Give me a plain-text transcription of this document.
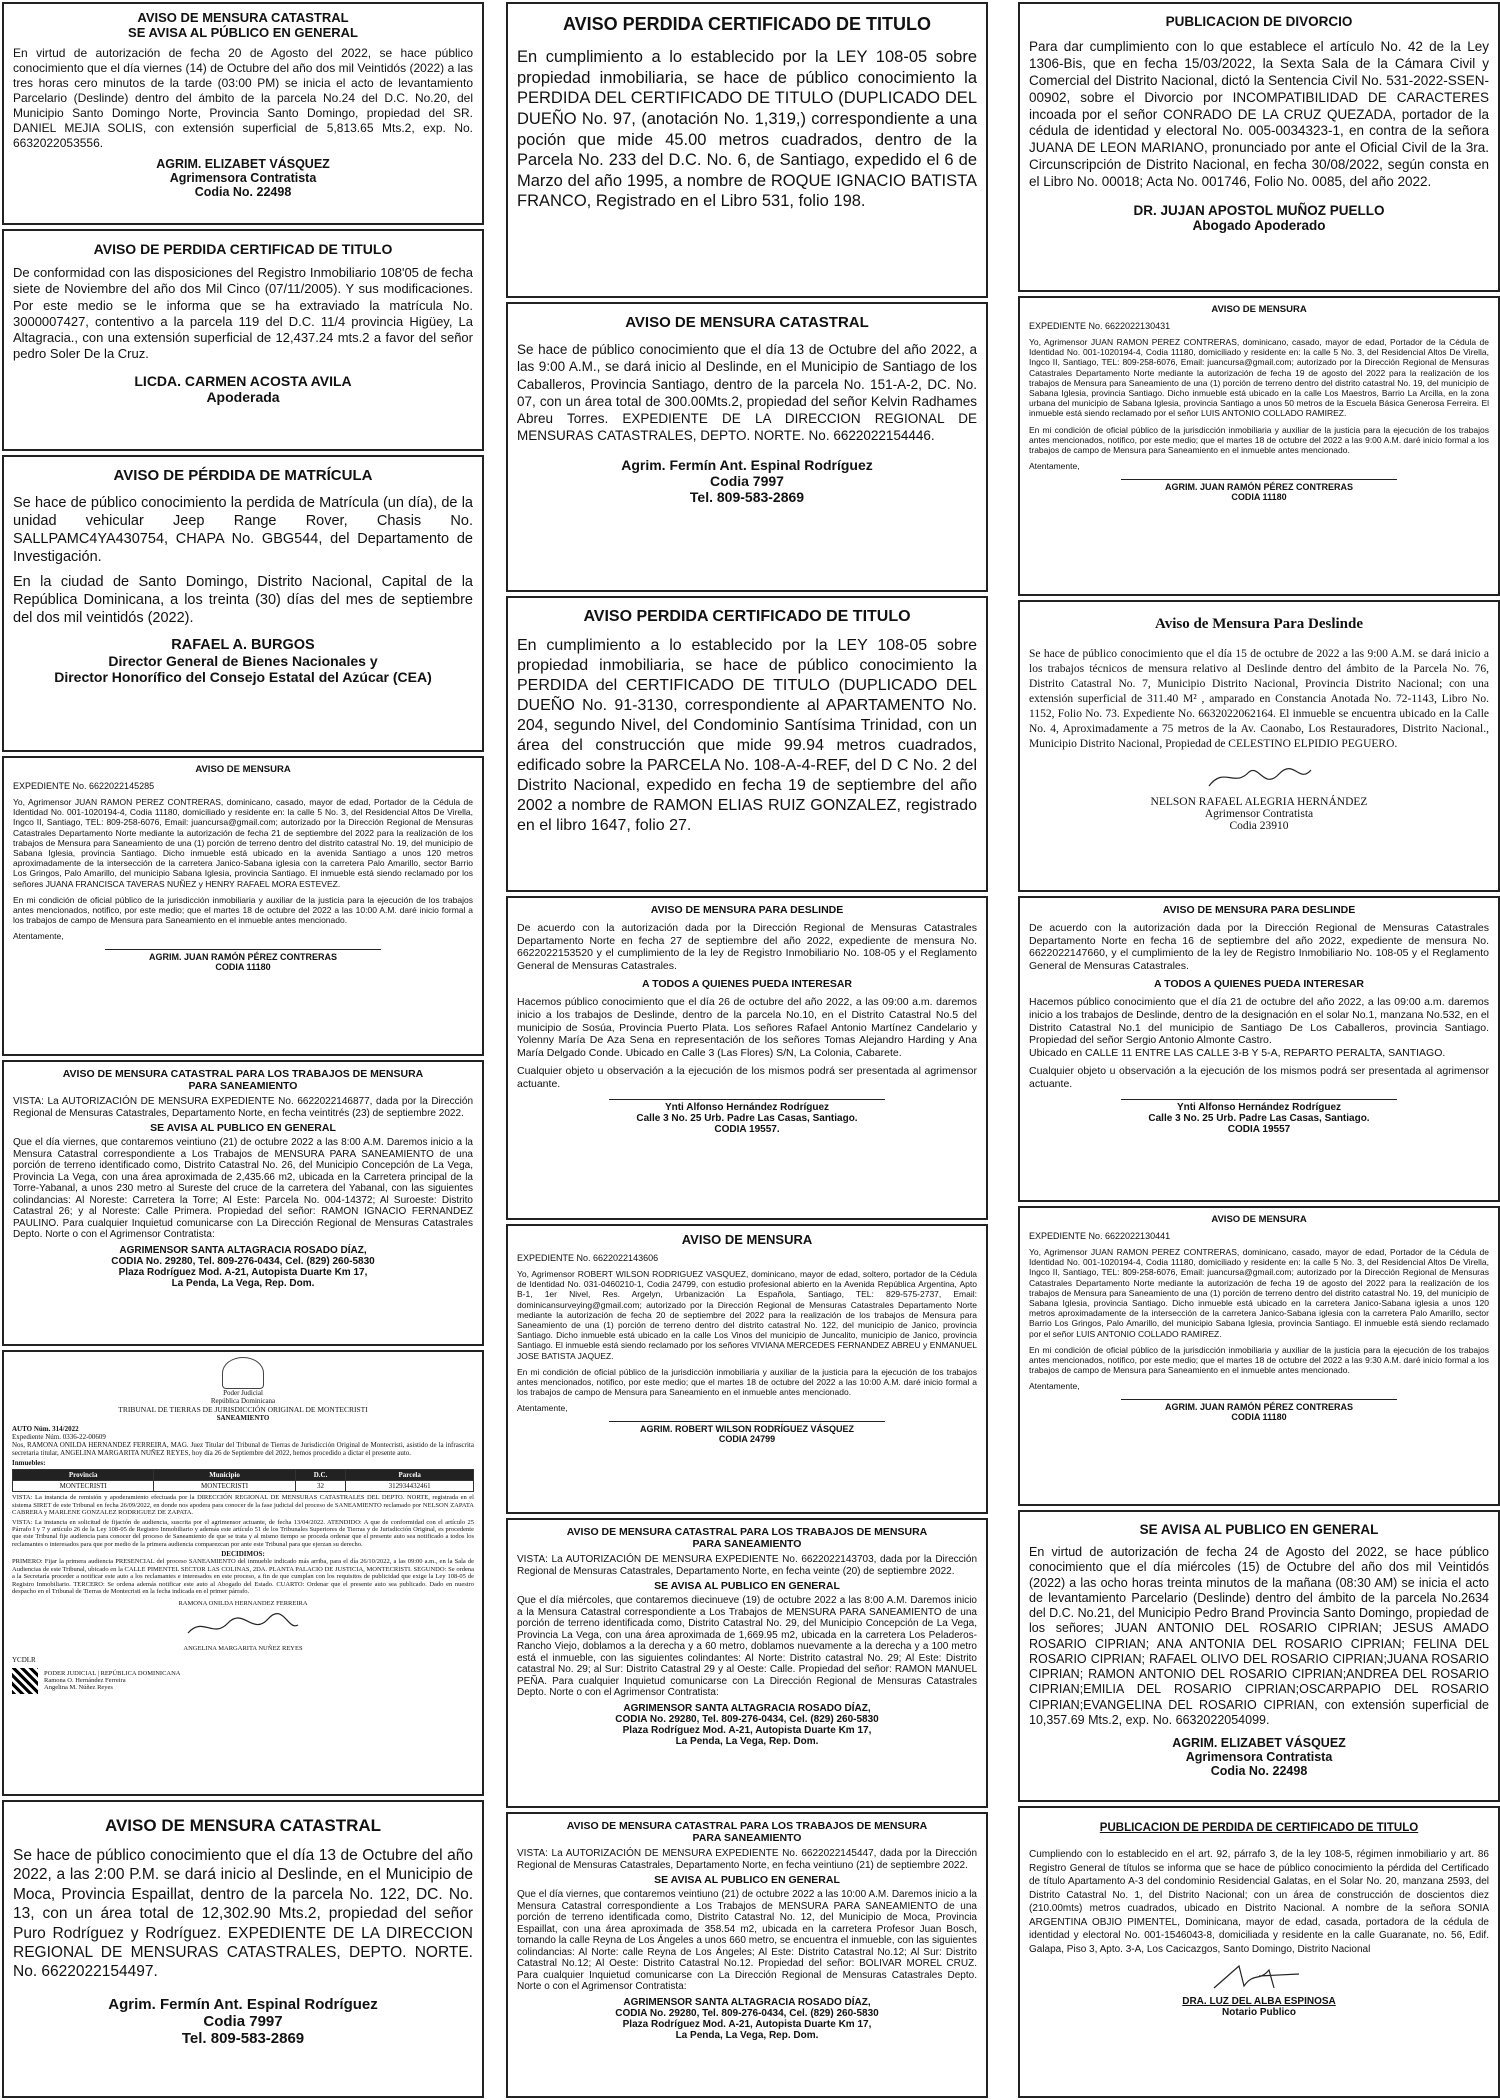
AVISO DE MENSURA CATASTRAL

SE AVISA AL PÚBLICO EN GENERAL

En virtud de autorización de fecha 20 de Agosto del 2022, se hace público conocimiento que el día viernes (14) de Octubre del año dos mil Veintidós (2022) a las tres horas cero minutos de la tarde (03:00 PM) se inicia el acto de levantamiento Parcelario (Deslinde) dentro del ámbito de la parcela No.24 del D.C. No.20, del Municipio Santo Domingo Norte, Provincia Santo Domingo, propiedad del SR. DANIEL MEJIA SOLIS, con extensión superficial de 5,813.65 Mts.2, exp. No. 6632022053556.

AGRIM. ELIZABET VÁSQUEZ

Agrimensora Contratista

Codia No. 22498

AVISO DE PERDIDA CERTIFICAD DE TITULO

De conformidad con las disposiciones del Registro Inmobiliario 108'05 de fecha siete de Noviembre del año dos Mil Cinco (07/11/2005). Y sus modificaciones. Por este medio se le informa que se ha extraviado la matrícula No. 3000007427, contentivo a la parcela 119 del D.C. 11/4 provincia Higüey, La Altagracia., con una extensión superficial de 12,437.24 mts.2 a favor del señor pedro Soler De la Cruz.

LICDA. CARMEN ACOSTA AVILA

Apoderada

AVISO DE PÉRDIDA DE MATRÍCULA

Se hace de público conocimiento la perdida de Matrícula (un día), de la unidad vehicular Jeep Range Rover, Chasis No. SALLPAMC4YA430754, CHAPA No. GBG544, del Departamento de Investigación.

En la ciudad de Santo Domingo, Distrito Nacional, Capital de la República Dominicana, a los treinta (30) días del mes de septiembre del dos mil veintidós (2022).

RAFAEL A. BURGOS

Director General de Bienes Nacionales y

Director Honorífico del Consejo Estatal del Azúcar (CEA)

AVISO DE MENSURA

EXPEDIENTE No. 6622022145285

Yo, Agrimensor JUAN RAMON PEREZ CONTRERAS, dominicano, casado, mayor de edad, Portador de la Cédula de Identidad No. 001-1020194-4, Codia 11180, domiciliado y residente en: la calle 5 No. 3, del Residencial Altos De Virella, Ingco II, Santiago, TEL: 809-258-6076, Email: juancursa@gmail.com; autorizado por la Dirección Regional de Mensuras Catastrales Departamento Norte mediante la autorización de fecha 21 de septiembre del 2022 para la realización de los trabajos de Mensura para Saneamiento de una (1) porción de terreno dentro del distrito catastral No. 19, del municipio de Sabana Iglesia, provincia Santiago. Dicho inmueble está ubicado en la avenida Santiago a unos 120 metros aproximadamente de la intersección de la carretera Janico-Sabana iglesia con la carretera Palo Amarillo, sector Barrio Los Gringos, Palo Amarillo, del municipio Sabana Iglesia, provincia Santiago. El inmueble está siendo reclamado por los señores JUANA FRANCISCA TAVERAS NUÑEZ y HENRY RAFAEL MORA ESTEVEZ.

En mi condición de oficial público de la jurisdicción inmobiliaria y auxiliar de la justicia para la ejecución de los trabajos antes mencionados, notifico, por este medio; que el martes 18 de octubre del 2022 a las 10:00 A.M. daré inicio formal a los trabajos de campo de Mensura para Saneamiento en el inmueble antes mencionado.

Atentamente,

AGRIM. JUAN RAMÓN PÉREZ CONTRERAS

CODIA 11180

AVISO DE MENSURA CATASTRAL PARA LOS TRABAJOS DE MENSURA

PARA SANEAMIENTO

VISTA: La AUTORIZACIÓN DE MENSURA EXPEDIENTE No. 6622022146877, dada por la Dirección Regional de Mensuras Catastrales, Departamento Norte, en fecha veintitrés (23) de septiembre 2022.

SE AVISA AL PUBLICO EN GENERAL

Que el día viernes, que contaremos veintiuno (21) de octubre 2022 a las 8:00 A.M. Daremos inicio a la Mensura Catastral correspondiente a Los Trabajos de MENSURA PARA SANEAMIENTO de una porción de terreno identificado como, Distrito Catastral No. 26, del Municipio Concepción de La Vega, Provincia La Vega, con una área aproximada de 2,435.66 m2, ubicada en la Carretera principal de la Torre-Yabanal, a unos 230 metro al Sureste del cruce de la carretera del Yabanal, con las siguientes colindancias: Al Noreste: Carretera la Torre; Al Este: Parcela No. 004-14372; Al Suroeste: Distrito Catastral 26; y al Noreste: Calle Primera. Propiedad del señor: RAMON IGNACIO FERNANDEZ PAULINO. Para cualquier Inquietud comunicarse con La Dirección Regional de Mensuras Catastrales Depto. Norte o con el Agrimensor Contratista:

AGRIMENSOR SANTA ALTAGRACIA ROSADO DÍAZ,

CODIA No. 29280, Tel. 809-276-0434, Cel. (829) 260-5830

Plaza Rodríguez Mod. A-21, Autopista Duarte Km 17,

La Penda, La Vega, Rep. Dom.

Poder Judicial

República Dominicana

TRIBUNAL DE TIERRAS DE JURISDICCIÓN ORIGINAL DE MONTECRISTI

SANEAMIENTO

AUTO Núm. 314/2022

Expediente Núm. 0336-22-00609

Nos, RAMONA ONILDA HERNANDEZ FERREIRA, MAG. Juez Titular del Tribunal de Tierras de Jurisdicción Original de Montecristi, asistido de la infrascrita secretaria titular, ANGELINA MARGARITA NUÑEZ REYES, hoy día 26 de Septiembre del 2022, hemos procedido a dictar el presente auto.

Inmuebles:

Provincia	Municipio	D.C.	Parcela
MONTECRISTI	MONTECRISTI	32	312934432461

VISTA: La instancia de remisión y apoderamiento efectuada por la DIRECCIÓN REGIONAL DE MENSURAS CATASTRALES DEL DEPTO. NORTE, registrada en el sistema SIRET de este Tribunal en fecha 26/09/2022, en donde nos apodera para conocer de la fase judicial del proceso de SANEAMIENTO reclamado por NELSON ZAPATA CABRERA y MARLENE GONZALEZ RODRIGUEZ DE ZAPATA.

VISTA: La instancia en solicitud de fijación de audiencia, suscrita por el agrimensor actuante, de fecha 13/04/2022. ATENDIDO: A que de conformidad con el artículo 25 Párrafo I y 7 y artículo 26 de la Ley 108-05 de Registro Inmobiliario y además este artículo 51 de los Tribunales Superiores de Tierras y de Jurisdicción Original, es procedente que este Tribunal fije audiencia para conocer del proceso de Saneamiento de que se trata y al mismo tiempo se proceda ordenar que el presente auto sea notificado a todos los reclamantes o interesados para que por medio de la primera audiencia comparezcan por ante este Tribunal para que ejerzan su derecho.

DECIDIMOS:

PRIMERO: Fijar la primera audiencia PRESENCIAL del proceso SANEAMIENTO del inmueble indicado más arriba, para el día 26/10/2022, a las 09:00 a.m., en la Sala de Audiencias de este Tribunal, ubicado en la CALLE PIMENTEL SECTOR LAS COLINAS, 2DA. PLANTA PALACIO DE JUSTICIA, MONTECRISTI. SEGUNDO: Se ordena a la Secretaría proceder a notificar este auto a los reclamantes e interesados en este proceso, a fin de que cumplan con los requisitos de publicidad que exige la Ley 108-05 de Registro Inmobiliario. TERCERO: Se ordena además notificar este auto al Abogado del Estado. CUARTO: Ordenar que el presente auto sea publicado. Dado en nuestro despacho en el Tribunal de Tierras de Montecristi en la fecha indicada en el primer párrafo.

RAMONA ONILDA HERNANDEZ FERREIRA

ANGELINA MARGARITA NUÑEZ REYES

YCDLR

PODER JUDICIAL | REPÚBLICA DOMINICANA

Ramona O. Hernández Ferreira

Angelina M. Núñez Reyes

AVISO DE MENSURA CATASTRAL

Se hace de público conocimiento que el día 13 de Octubre del año 2022, a las 2:00 P.M. se dará inicio al Deslinde, en el Municipio de Moca, Provincia Espaillat, dentro de la parcela No. 122, DC. No. 13, con un área total de 12,302.90 Mts.2, propiedad del señor Puro Rodríguez y Rodríguez. EXPEDIENTE DE LA DIRECCION REGIONAL DE MENSURAS CATASTRALES, DEPTO. NORTE. No. 6622022154497.

Agrim. Fermín Ant. Espinal Rodríguez

Codia 7997

Tel. 809-583-2869

AVISO PERDIDA CERTIFICADO DE TITULO

En cumplimiento a lo establecido por la LEY 108-05 sobre propiedad inmobiliaria, se hace de público conocimiento la PERDIDA DEL CERTIFICADO DE TITULO (DUPLICADO DEL DUEÑO No. 97, (anotación No. 1,319,) correspondiente a una poción que mide 45.00 metros cuadrados, dentro de la Parcela No. 233 del D.C. No. 6, de Santiago, expedido el 6 de Marzo del año 1995, a nombre de ROQUE IGNACIO BATISTA FRANCO, Registrado en el Libro 531, folio 198.

AVISO DE MENSURA CATASTRAL

Se hace de público conocimiento que el día 13 de Octubre del año 2022, a las 9:00 A.M., se dará inicio al Deslinde, en el Municipio de Santiago de los Caballeros, Provincia Santiago, dentro de la parcela No. 151-A-2, DC. No. 07, con un área total de 300.00Mts.2, propiedad del señor Kelvin Radhames Abreu Torres. EXPEDIENTE DE LA DIRECCION REGIONAL DE MENSURAS CATASTRALES, DEPTO. NORTE. No. 6622022154446.

Agrim. Fermín Ant. Espinal Rodríguez

Codia 7997

Tel. 809-583-2869

AVISO PERDIDA CERTIFICADO DE TITULO

En cumplimiento a lo establecido por la LEY 108-05 sobre propiedad inmobiliaria, se hace de público conocimiento la PERDIDA del CERTIFICADO DE TITULO (DUPLICADO DEL DUEÑO No. 91-3130, correspondiente al APARTAMENTO No. 204, segundo Nivel, del Condominio Santísima Trinidad, con un área del construcción que mide 99.94 metros cuadrados, edificado sobre la PARCELA No. 108-A-4-REF, del D C No. 2 del Distrito Nacional, expedido en fecha 19 de septiembre del año 2002 a nombre de RAMON ELIAS RUIZ GONZALEZ, registrado en el libro 1647, folio 27.

AVISO DE MENSURA PARA DESLINDE

De acuerdo con la autorización dada por la Dirección Regional de Mensuras Catastrales Departamento Norte en fecha 27 de septiembre del año 2022, expediente de mensura No. 6622022153520 y el cumplimiento de la ley de Registro Inmobiliario No. 108-05 y el Reglamento General de Mensuras Catastrales.

A TODOS A QUIENES PUEDA INTERESAR

Hacemos público conocimiento que el día 26 de octubre del año 2022, a las 09:00 a.m. daremos inicio a los trabajos de Deslinde, dentro de la parcela No.10, en el Distrito Catastral No.5 del municipio de Sosúa, Provincia Puerto Plata. Los señores Rafael Antonio Martínez Candelario y Yolenny María De Aza Sena en representación de los señores Tomas Alejandro Harding y Ana María Delgado Conde. Ubicado en Calle 3 (Las Flores) S/N, La Colonia, Cabarete.

Cualquier objeto u observación a la ejecución de los mismos podrá ser presentada al agrimensor actuante.

Ynti Alfonso Hernández Rodríguez

Calle 3 No. 25 Urb. Padre Las Casas, Santiago.

CODIA 19557.

AVISO DE MENSURA

EXPEDIENTE No. 6622022143606

Yo, Agrimensor ROBERT WILSON RODRIGUEZ VASQUEZ, dominicano, mayor de edad, soltero, portador de la Cédula de Identidad No. 031-0460210-1, Codia 24799, con estudio profesional abierto en la Avenida República Argentina, Apto B-1, 1er Nivel, Res. Argelyn, Urbanización La Española, Santiago, TEL: 829-575-2737, Email: dominicansurveying@gmail.com; autorizado por la Dirección Regional de Mensuras Catastrales Departamento Norte mediante la autorización de fecha 20 de septiembre del 2022 para la realización de los trabajos de Mensura para Saneamiento de una (1) porción de terreno dentro del distrito catastral No. 122, del municipio de Janico, provincia Santiago. Dicho inmueble está ubicado en la calle Los Vinos del municipio de Juncalito, municipio de Janico, provincia Santiago. El inmueble está siendo reclamado por los señores VIVIANA MERCEDES FERNANDEZ ABREU y ENMANUEL JOSE BATISTA JAQUEZ.

En mi condición de oficial público de la jurisdicción inmobiliaria y auxiliar de la justicia para la ejecución de los trabajos antes mencionados, notifico, por este medio; que el martes 18 de octubre del 2022 a las 10:00 A.M. daré inicio formal a los trabajos de campo de Mensura para Saneamiento en el inmueble antes mencionado.

Atentamente,

AGRIM. ROBERT WILSON RODRÍGUEZ VÁSQUEZ

CODIA 24799

AVISO DE MENSURA CATASTRAL PARA LOS TRABAJOS DE MENSURA

PARA SANEAMIENTO

VISTA: La AUTORIZACIÓN DE MENSURA EXPEDIENTE No. 6622022143703, dada por la Dirección Regional de Mensuras Catastrales, Departamento Norte, en fecha veinte (20) de septiembre 2022.

SE AVISA AL PUBLICO EN GENERAL

Que el día miércoles, que contaremos diecinueve (19) de octubre 2022 a las 8:00 A.M. Daremos inicio a la Mensura Catastral correspondiente a Los Trabajos de MENSURA PARA SANEAMIENTO de una porción de terreno identificada como, Distrito Catastral No. 29, del Municipio Concepción de La Vega, Provincia La Vega, con una área aproximada de 1,669.95 m2, ubicada en la carretera Los Peladeros-Rancho Viejo, doblamos a la derecha y a 60 metro, doblamos nuevamente a la derecha y a 100 metro está el inmueble, con las siguientes colindantes: Al Norte: Distrito catastral No. 29; Al Este: Distrito catastral No. 29; al Sur: Distrito Catastral 29 y al Oeste: Calle. Propiedad del señor: RAMON MANUEL PEÑA. Para cualquier Inquietud comunicarse con La Dirección Regional de Mensuras Catastrales Depto. Norte o con el Agrimensor Contratista:

AGRIMENSOR SANTA ALTAGRACIA ROSADO DÍAZ,

CODIA No. 29280, Tel. 809-276-0434, Cel. (829) 260-5830

Plaza Rodríguez Mod. A-21, Autopista Duarte Km 17,

La Penda, La Vega, Rep. Dom.

AVISO DE MENSURA CATASTRAL PARA LOS TRABAJOS DE MENSURA

PARA SANEAMIENTO

VISTA: La AUTORIZACIÓN DE MENSURA EXPEDIENTE No. 6622022145447, dada por la Dirección Regional de Mensuras Catastrales, Departamento Norte, en fecha veintiuno (21) de septiembre 2022.

SE AVISA AL PUBLICO EN GENERAL

Que el día viernes, que contaremos veintiuno (21) de octubre 2022 a las 10:00 A.M. Daremos inicio a la Mensura Catastral correspondiente a Los Trabajos de MENSURA PARA SANEAMIENTO de una porción de terreno identificada como, Distrito Catastral No. 12, del Municipio de Moca, Provincia Espaillat, con una área aproximada de 358.54 m2, ubicada en la carretera Profesor Juan Bosch, tomando la calle Reyna de Los Ángeles a unos 660 metro, se encuentra el inmueble, con las siguientes colindancias: Al Norte: calle Reyna de Los Ángeles; Al Este: Distrito Catastral No.12; Al Sur: Distrito Catastral No.12; Al Oeste: Distrito Catastral No.12. Propiedad del señor: BOLIVAR MOREL CRUZ. Para cualquier Inquietud comunicarse con La Dirección Regional de Mensuras Catastrales Depto. Norte o con el Agrimensor Contratista:

AGRIMENSOR SANTA ALTAGRACIA ROSADO DÍAZ,

CODIA No. 29280, Tel. 809-276-0434, Cel. (829) 260-5830

Plaza Rodríguez Mod. A-21, Autopista Duarte Km 17,

La Penda, La Vega, Rep. Dom.

PUBLICACION DE DIVORCIO

Para dar cumplimiento con lo que establece el artículo No. 42 de la Ley 1306-Bis, que en fecha 15/03/2022, la Sexta Sala de la Cámara Civil y Comercial del Distrito Nacional, dictó la Sentencia Civil No. 531-2022-SSEN-00902, sobre el Divorcio por INCOMPATIBILIDAD DE CARACTERES incoada por el señor CONRADO DE LA CRUZ QUEZADA, portador de la cédula de identidad y electoral No. 005-0034323-1, en contra de la señora JUANA DE LEON MARIANO, pronunciado por ante el Oficial Civil de la 3ra. Circunscripción de Distrito Nacional, en fecha 30/08/2022, según consta en el Libro No. 00018; Acta No. 001746, Folio No. 0085, del año 2022.

DR. JUJAN APOSTOL MUÑOZ PUELLO

Abogado Apoderado

AVISO DE MENSURA

EXPEDIENTE No. 6622022130431

Yo, Agrimensor JUAN RAMON PEREZ CONTRERAS, dominicano, casado, mayor de edad, Portador de la Cédula de Identidad No. 001-1020194-4, Codia 11180, domiciliado y residente en: la calle 5 No. 3, del Residencial Altos De Virella, Ingco II, Santiago, TEL: 809-258-6076, Email: juancursa@gmail.com; autorizado por la Dirección Regional de Mensuras Catastrales Departamento Norte mediante la autorización de fecha 19 de agosto del 2022 para la realización de los trabajos de Mensura para Saneamiento de una (1) porción de terreno dentro del distrito catastral No. 19, del municipio de Sabana Iglesia, provincia Santiago. Dicho inmueble está ubicado en la calle Los Maestros, Barrio La Arcilla, en la zona urbana del municipio de Sabana Iglesia, provincia Santiago a unos 50 metros de la Escuela Básica Generosa Ferreira. El inmueble está siendo reclamado por el señor LUIS ANTONIO COLLADO RAMIREZ.

En mi condición de oficial público de la jurisdicción inmobiliaria y auxiliar de la justicia para la ejecución de los trabajos antes mencionados, notifico, por este medio; que el martes 18 de octubre del 2022 a las 9:00 A.M. daré inicio formal a los trabajos de campo de Mensura para Saneamiento en el inmueble antes mencionado.

Atentamente,

AGRIM. JUAN RAMÓN PÉREZ CONTRERAS

CODIA 11180

Aviso de Mensura Para Deslinde

Se hace de público conocimiento que el día 15 de octubre de 2022 a las 9:00 A.M. se dará inicio a los trabajos técnicos de mensura relativo al Deslinde dentro del ámbito de la Parcela No. 76, Distrito Catastral No. 7, Municipio Distrito Nacional, Provincia Distrito Nacional; con una extensión superficial de 311.40 M² , amparado en Constancia Anotada No. 72-1143, Libro No. 1152, Folio No. 73. Expediente No. 6632022062164. El inmueble se encuentra ubicado en la Calle No. 4, Aproximadamente a 75 metros de la Av. Caonabo, Los Restauradores, Distrito Nacional., Municipio Distrito Nacional, Propiedad de CELESTINO ELPIDIO PEGUERO.

NELSON RAFAEL ALEGRIA HERNÁNDEZ

Agrimensor Contratista

Codia 23910

AVISO DE MENSURA PARA DESLINDE

De acuerdo con la autorización dada por la Dirección Regional de Mensuras Catastrales Departamento Norte en fecha 16 de septiembre del año 2022, expediente de mensura No. 6622022147660, y el cumplimiento de la ley de Registro Inmobiliario No. 108-05 y el Reglamento General de Mensuras Catastrales.

A TODOS A QUIENES PUEDA INTERESAR

Hacemos público conocimiento que el día 21 de octubre del año 2022, a las 09:00 a.m. daremos inicio a los trabajos de Deslinde, dentro de la designación en el solar No.1, manzana No.532, en el Distrito Catastral No.1 del municipio de Santiago De Los Caballeros, provincia Santiago. Propiedad del señor Sergio Antonio Almonte Castro.

Ubicado en CALLE 11 ENTRE LAS CALLE 3-B Y 5-A, REPARTO PERALTA, SANTIAGO.

Cualquier objeto u observación a la ejecución de los mismos podrá ser presentada al agrimensor actuante.

Ynti Alfonso Hernández Rodríguez

Calle 3 No. 25 Urb. Padre Las Casas, Santiago.

CODIA 19557

AVISO DE MENSURA

EXPEDIENTE No. 6622022130441

Yo, Agrimensor JUAN RAMON PEREZ CONTRERAS, dominicano, casado, mayor de edad, Portador de la Cédula de Identidad No. 001-1020194-4, Codia 11180, domiciliado y residente en: la calle 5 No. 3, del Residencial Altos De Virella, Ingco II, Santiago, TEL: 809-258-6076, Email: juancursa@gmail.com; autorizado por la Dirección Regional de Mensuras Catastrales Departamento Norte mediante la autorización de fecha 19 de agosto del 2022 para la realización de los trabajos de Mensura para Saneamiento de una (1) porción de terreno dentro del distrito catastral No. 19, del municipio de Sabana Iglesia, provincia Santiago. Dicho inmueble está ubicado en la carretera Janico-Sabana iglesia a unos 120 metros aproximadamente de la intersección de la carretera Janico-Sabana iglesia con la carretera Palo Amarillo, sector Barrio Los Gringos, Palo Amarillo, del municipio Sabana Iglesia, provincia Santiago. El inmueble está siendo reclamado por el señor LUIS ANTONIO COLLADO RAMIREZ.

En mi condición de oficial público de la jurisdicción inmobiliaria y auxiliar de la justicia para la ejecución de los trabajos antes mencionados, notifico, por este medio; que el martes 18 de octubre del 2022 a las 9:30 A.M. daré inicio formal a los trabajos de campo de Mensura para Saneamiento en el inmueble antes mencionado.

Atentamente,

AGRIM. JUAN RAMÓN PÉREZ CONTRERAS

CODIA 11180

SE AVISA AL PUBLICO EN GENERAL

En virtud de autorización de fecha 24 de Agosto del 2022, se hace público conocimiento que el día miércoles (15) de Octubre del año dos mil Veintidós (2022) a las ocho horas treinta minutos de la mañana (08:30 AM) se inicia el acto de levantamiento Parcelario (Deslinde) dentro del ámbito de la parcela No.2634 del D.C. No.21, del Municipio Pedro Brand Provincia Santo Domingo, propiedad de los señores; JUAN ANTONIO DEL ROSARIO CIPRIAN; JESUS AMADO ROSARIO CIPRIAN; ANA ANTONIA DEL ROSARIO CIPRIAN; FELINA DEL ROSARIO CIPRIAN; RAFAEL OLIVO DEL ROSARIO CIPRIAN;JUANA ROSARIO CIPRIAN; RAMON ANTONIO DEL ROSARIO CIPRIAN;ANDREA DEL ROSARIO CIPRIAN;EMILIA DEL ROSARIO CIPRIAN;OSCARPAPIO DEL ROSARIO CIPRIAN;EVANGELINA DEL ROSARIO CIPRIAN, con extensión superficial de 10,357.69 Mts.2, exp. No. 6632022054099.

AGRIM. ELIZABET VÁSQUEZ

Agrimensora Contratista

Codia No. 22498

PUBLICACION DE PERDIDA DE CERTIFICADO DE TITULO

Cumpliendo con lo establecido en el art. 92, párrafo 3, de la ley 108-5, régimen inmobiliario y art. 86 Registro General de títulos se informa que se hace de público conocimiento la pérdida del Certificado de título Apartamento A-3 del condominio Residencial Galatas, en el Solar No. 20, manzana 2593, del Distrito Catastral No. 1, del Distrito Nacional; con un área de construcción de doscientos diez (210.00mts) metros cuadrados, ubicado en Distrito Nacional. A nombre de la señora SONIA ARGENTINA OBJIO PIMENTEL, Dominicana, mayor de edad, casada, portadora de la cédula de identidad y electoral No. 001-1546043-8, domiciliada y residente en la calle Guaranate, no. 56, Edif. Galapa, Piso 3, Apto. 3-A, Los Cacicazgos, Santo Domingo, Distrito Nacional

DRA. LUZ DEL ALBA ESPINOSA

Notario Publico
